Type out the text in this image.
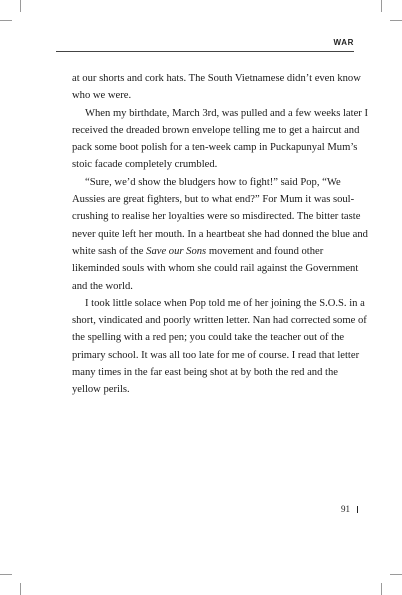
WAR

at our shorts and cork hats. The South Vietnamese didn’t even know who we were.

When my birthdate, March 3rd, was pulled and a few weeks later I received the dreaded brown envelope telling me to get a haircut and pack some boot polish for a ten-week camp in Puckapunyal Mum’s stoic facade completely crumbled.

“Sure, we’d show the bludgers how to fight!” said Pop, “We Aussies are great fighters, but to what end?” For Mum it was soul-crushing to realise her loyalties were so misdirected. The bitter taste never quite left her mouth. In a heartbeat she had donned the blue and white sash of the Save our Sons movement and found other likeminded souls with whom she could rail against the Government and the world.

I took little solace when Pop told me of her joining the S.O.S. in a short, vindicated and poorly written letter. Nan had corrected some of the spelling with a red pen; you could take the teacher out of the primary school. It was all too late for me of course. I read that letter many times in the far east being shot at by both the red and the yellow perils.

91
